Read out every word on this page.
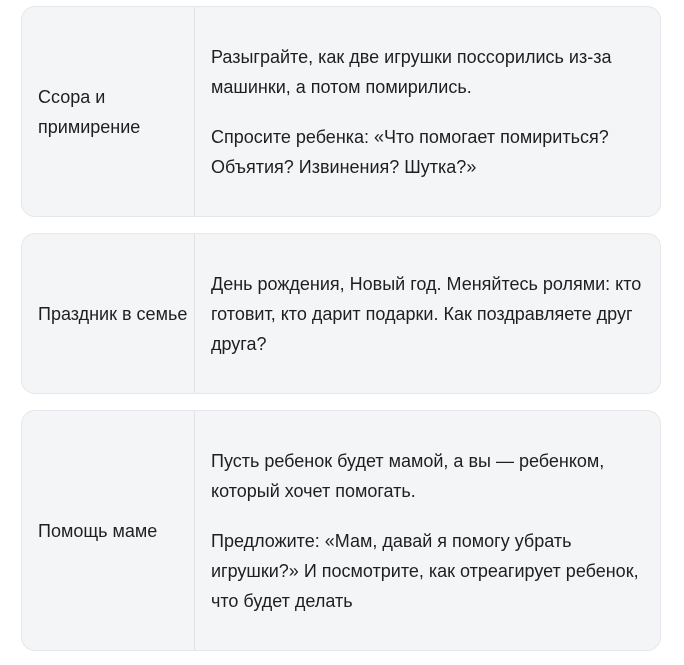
Ссора и примирение

Разыграйте, как две игрушки поссорились из-за машинки, а потом помирились.

Спросите ребенка: «Что помогает помириться? Объятия? Извинения? Шутка?»

Праздник в семье

День рождения, Новый год. Меняйтесь ролями: кто готовит, кто дарит подарки. Как поздравляете друг друга?

Помощь маме

Пусть ребенок будет мамой, а вы — ребенком, который хочет помогать.

Предложите: «Мам, давай я помогу убрать игрушки?» И посмотрите, как отреагирует ребенок, что будет делать
